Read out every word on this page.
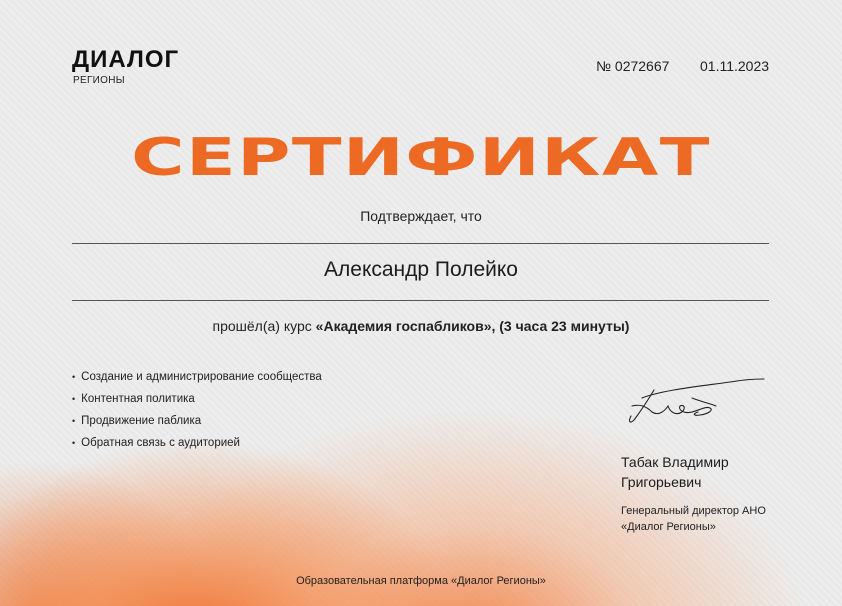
ДИАЛОГ
РЕГИОНЫ
№ 0272667 01.11.2023
СЕРТИФИКАТ
Подтверждает, что
Александр Полейко
прошёл(а) курс «Академия госпабликов», (3 часа 23 минуты)
• Создание и администрирование сообщества
• Контентная политика
• Продвижение паблика
• Обратная связь с аудиторией
Табак Владимир Григорьевич
Генеральный директор АНО «Диалог Регионы»
Образовательная платформа «Диалог Регионы»
